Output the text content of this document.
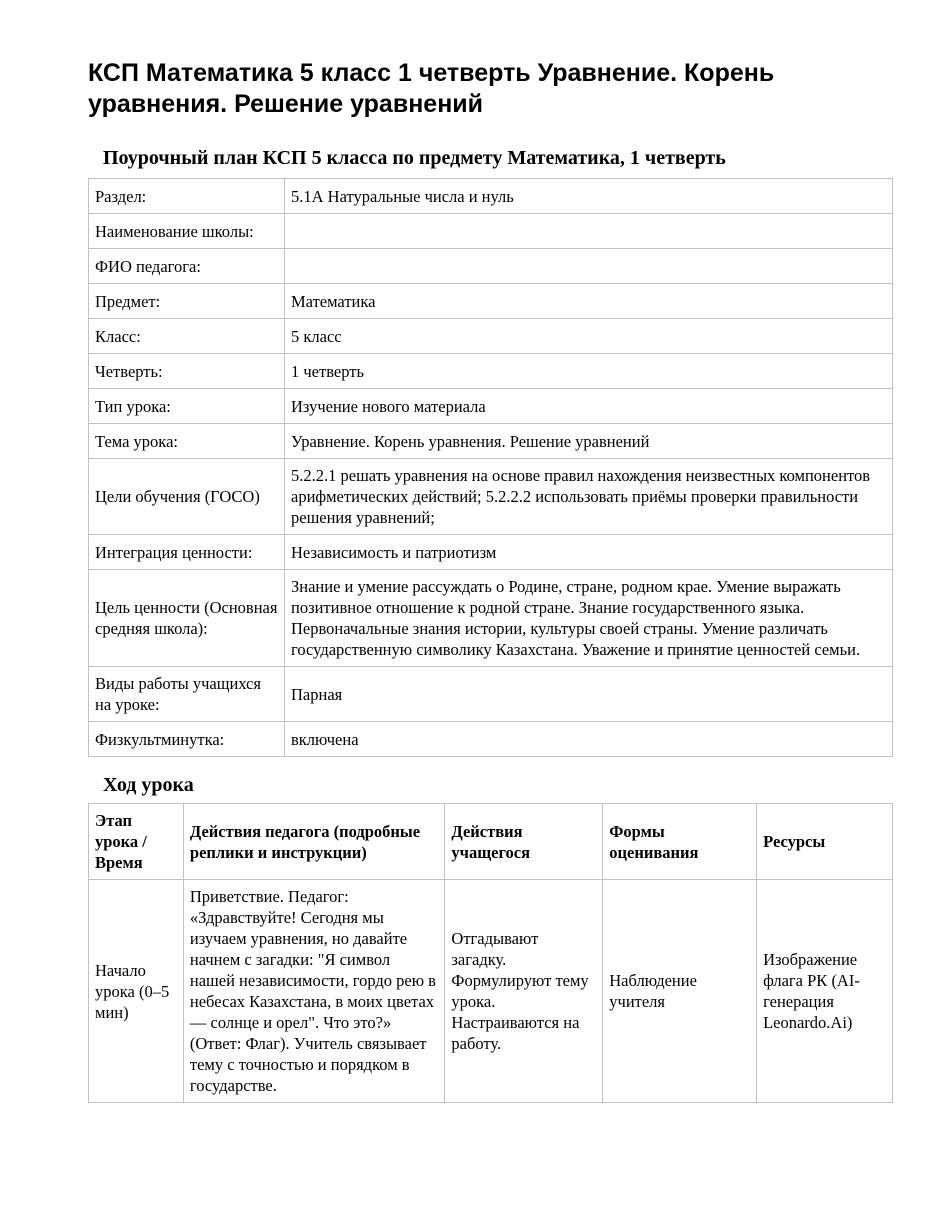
КСП Математика 5 класс 1 четверть Уравнение. Корень уравнения. Решение уравнений
Поурочный план КСП 5 класса по предмету Математика, 1 четверть
Раздел:	5.1А Натуральные числа и нуль
Наименование школы:	
ФИО педагога:	
Предмет:	Математика
Класс:	5 класс
Четверть:	1 четверть
Тип урока:	Изучение нового материала
Тема урока:	Уравнение. Корень уравнения. Решение уравнений
Цели обучения (ГОСО)	5.2.2.1 решать уравнения на основе правил нахождения неизвестных компонентов арифметических действий; 5.2.2.2 использовать приёмы проверки правильности решения уравнений;
Интеграция ценности:	Независимость и патриотизм
Цель ценности (Основная средняя школа):	Знание и умение рассуждать о Родине, стране, родном крае. Умение выражать позитивное отношение к родной стране. Знание государственного языка. Первоначальные знания истории, культуры своей страны. Умение различать государственную символику Казахстана. Уважение и принятие ценностей семьи.
Виды работы учащихся на уроке:	Парная
Физкультминутка:	включена
Ход урока
Этап урока / Время	Действия педагога (подробные реплики и инструкции)	Действия учащегося	Формы оценивания	Ресурсы
Начало урока (0–5 мин)	Приветствие. Педагог: «Здравствуйте! Сегодня мы изучаем уравнения, но давайте начнем с загадки: "Я символ нашей независимости, гордо рею в небесах Казахстана, в моих цветах — солнце и орел". Что это?» (Ответ: Флаг). Учитель связывает тему с точностью и порядком в государстве.	Отгадывают загадку. Формулируют тему урока. Настраиваются на работу.	Наблюдение учителя	Изображение флага РК (AI-генерация Leonardo.Ai)
